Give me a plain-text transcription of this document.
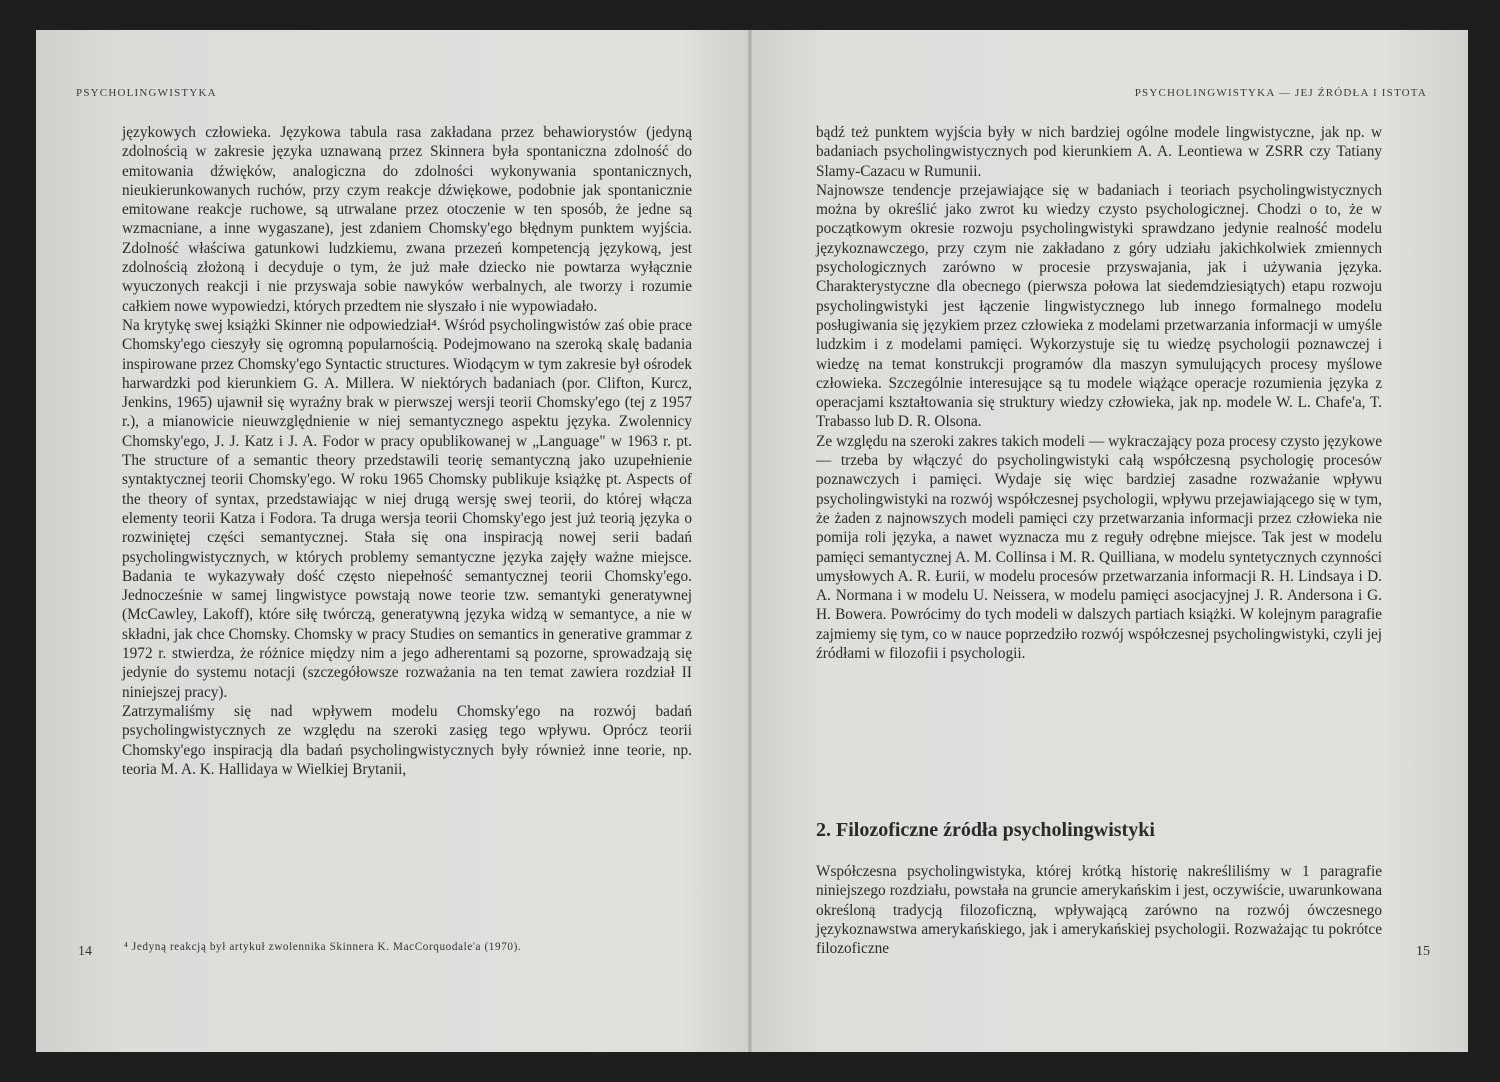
PSYCHOLINGWISTYKA	PSYCHOLINGWISTYKA — JEJ ŹRÓDŁA I ISTOTA

językowych człowieka. Językowa tabula rasa zakładana przez behawiorystów (jedyną zdolnością w zakresie języka uznawaną przez Skinnera była spontaniczna zdolność do emitowania dźwięków, analogiczna do zdolności wykonywania spontanicznych, nieukierunkowanych ruchów, przy czym reakcje dźwiękowe, podobnie jak spontanicznie emitowane reakcje ruchowe, są utrwalane przez otoczenie w ten sposób, że jedne są wzmacniane, a inne wygaszane), jest zdaniem Chomsky'ego błędnym punktem wyjścia. Zdolność właściwa gatunkowi ludzkiemu, zwana przezeń kompetencją językową, jest zdolnością złożoną i decyduje o tym, że już małe dziecko nie powtarza wyłącznie wyuczonych reakcji i nie przyswaja sobie nawyków werbalnych, ale tworzy i rozumie całkiem nowe wypowiedzi, których przedtem nie słyszało i nie wypowiadało.

Na krytykę swej książki Skinner nie odpowiedział⁴. Wśród psycholingwistów zaś obie prace Chomsky'ego cieszyły się ogromną popularnością. Podejmowano na szeroką skalę badania inspirowane przez Chomsky'ego Syntactic structures. Wiodącym w tym zakresie był ośrodek harwardzki pod kierunkiem G. A. Millera. W niektórych badaniach (por. Clifton, Kurcz, Jenkins, 1965) ujawnił się wyraźny brak w pierwszej wersji teorii Chomsky'ego (tej z 1957 r.), a mianowicie nieuwzględnienie w niej semantycznego aspektu języka. Zwolennicy Chomsky'ego, J. J. Katz i J. A. Fodor w pracy opublikowanej w „Language" w 1963 r. pt. The structure of a semantic theory przedstawili teorię semantyczną jako uzupełnienie syntaktycznej teorii Chomsky'ego. W roku 1965 Chomsky publikuje książkę pt. Aspects of the theory of syntax, przedstawiając w niej drugą wersję swej teorii, do której włącza elementy teorii Katza i Fodora. Ta druga wersja teorii Chomsky'ego jest już teorią języka o rozwiniętej części semantycznej. Stała się ona inspiracją nowej serii badań psycholingwistycznych, w których problemy semantyczne języka zajęły ważne miejsce. Badania te wykazywały dość często niepełność semantycznej teorii Chomsky'ego. Jednocześnie w samej lingwistyce powstają nowe teorie tzw. semantyki generatywnej (McCawley, Lakoff), które siłę twórczą, generatywną języka widzą w semantyce, a nie w składni, jak chce Chomsky. Chomsky w pracy Studies on semantics in generative grammar z 1972 r. stwierdza, że różnice między nim a jego adherentami są pozorne, sprowadzają się jedynie do systemu notacji (szczegółowsze rozważania na ten temat zawiera rozdział II niniejszej pracy).

Zatrzymaliśmy się nad wpływem modelu Chomsky'ego na rozwój badań psycholingwistycznych ze względu na szeroki zasięg tego wpływu. Oprócz teorii Chomsky'ego inspiracją dla badań psycholingwistycznych były również inne teorie, np. teoria M. A. K. Hallidaya w Wielkiej Brytanii,

⁴ Jedyną reakcją był artykuł zwolennika Skinnera K. MacCorquodale'a (1970).
14

bądź też punktem wyjścia były w nich bardziej ogólne modele lingwistyczne, jak np. w badaniach psycholingwistycznych pod kierunkiem A. A. Leontiewa w ZSRR czy Tatiany Slamy-Cazacu w Rumunii.

Najnowsze tendencje przejawiające się w badaniach i teoriach psycholingwistycznych można by określić jako zwrot ku wiedzy czysto psychologicznej. Chodzi o to, że w początkowym okresie rozwoju psycholingwistyki sprawdzano jedynie realność modelu językoznawczego, przy czym nie zakładano z góry udziału jakichkolwiek zmiennych psychologicznych zarówno w procesie przyswajania, jak i używania języka. Charakterystyczne dla obecnego (pierwsza połowa lat siedemdziesiątych) etapu rozwoju psycholingwistyki jest łączenie lingwistycznego lub innego formalnego modelu posługiwania się językiem przez człowieka z modelami przetwarzania informacji w umyśle ludzkim i z modelami pamięci. Wykorzystuje się tu wiedzę psychologii poznawczej i wiedzę na temat konstrukcji programów dla maszyn symulujących procesy myślowe człowieka. Szczególnie interesujące są tu modele wiążące operacje rozumienia języka z operacjami kształtowania się struktury wiedzy człowieka, jak np. modele W. L. Chafe'a, T. Trabasso lub D. R. Olsona.

Ze względu na szeroki zakres takich modeli — wykraczający poza procesy czysto językowe — trzeba by włączyć do psycholingwistyki całą współczesną psychologię procesów poznawczych i pamięci. Wydaje się więc bardziej zasadne rozważanie wpływu psycholingwistyki na rozwój współczesnej psychologii, wpływu przejawiającego się w tym, że żaden z najnowszych modeli pamięci czy przetwarzania informacji przez człowieka nie pomija roli języka, a nawet wyznacza mu z reguły odrębne miejsce. Tak jest w modelu pamięci semantycznej A. M. Collinsa i M. R. Quilliana, w modelu syntetycznych czynności umysłowych A. R. Łurii, w modelu procesów przetwarzania informacji R. H. Lindsaya i D. A. Normana i w modelu U. Neissera, w modelu pamięci asocjacyjnej J. R. Andersona i G. H. Bowera. Powrócimy do tych modeli w dalszych partiach książki. W kolejnym paragrafie zajmiemy się tym, co w nauce poprzedziło rozwój współczesnej psycholingwistyki, czyli jej źródłami w filozofii i psychologii.

2. Filozoficzne źródła psycholingwistyki

Współczesna psycholingwistyka, której krótką historię nakreśliliśmy w 1 paragrafie niniejszego rozdziału, powstała na gruncie amerykańskim i jest, oczywiście, uwarunkowana określoną tradycją filozoficzną, wpływającą zarówno na rozwój ówczesnego językoznawstwa amerykańskiego, jak i amerykańskiej psychologii. Rozważając tu pokrótce filozoficzne	15
